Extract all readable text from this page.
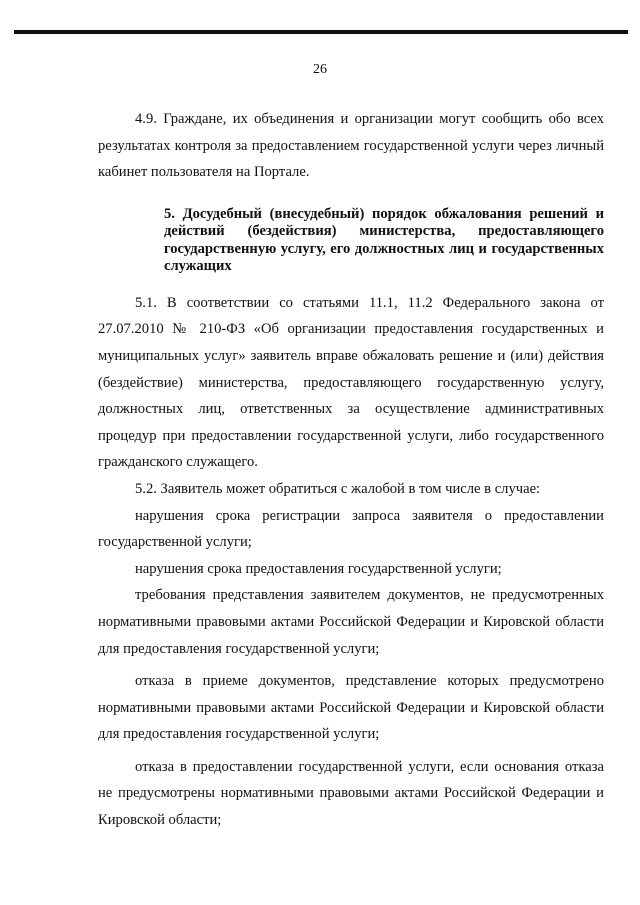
26

4.9. Граждане, их объединения и организации могут сообщить обо всех результатах контроля за предоставлением государственной услуги через личный кабинет пользователя на Портале.

5. Досудебный (внесудебный) порядок обжалования решений и действий (бездействия) министерства, предоставляющего государственную услугу, его должностных лиц и государственных служащих

5.1. В соответствии со статьями 11.1, 11.2 Федерального закона от 27.07.2010 № 210-ФЗ «Об организации предоставления государственных и муниципальных услуг» заявитель вправе обжаловать решение и (или) действия (бездействие) министерства, предоставляющего государственную услугу, должностных лиц, ответственных за осуществление административных процедур при предоставлении государственной услуги, либо государственного гражданского служащего.

5.2. Заявитель может обратиться с жалобой в том числе в случае:

нарушения срока регистрации запроса заявителя о предоставлении государственной услуги;

нарушения срока предоставления государственной услуги;

требования представления заявителем документов, не предусмотренных нормативными правовыми актами Российской Федерации и Кировской области для предоставления государственной услуги;

отказа в приеме документов, представление которых предусмотрено нормативными правовыми актами Российской Федерации и Кировской области для предоставления государственной услуги;

отказа в предоставлении государственной услуги, если основания отказа не предусмотрены нормативными правовыми актами Российской Федерации и Кировской области;
